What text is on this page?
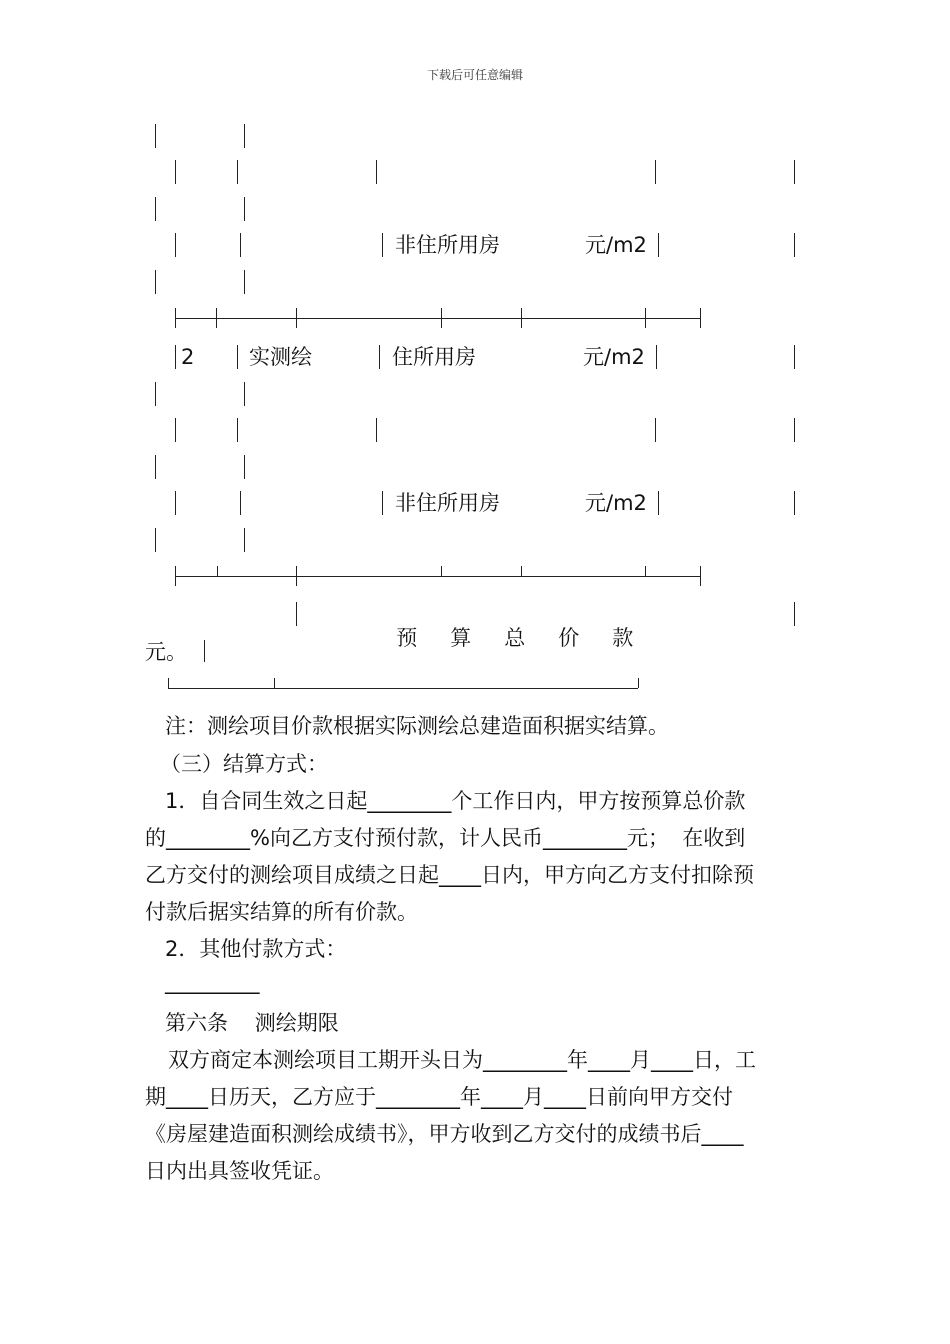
下载后可任意编辑
非住所用房	元/m2
2	实测绘	住所用房	元/m2
非住所用房	元/m2

预 算 总 价 款

元。
注：测绘项目价款根据实际测绘总建造面积据实结算。
（三）结算方式：
1．自合同生效之日起________个工作日内，甲方按预算总价款
的________%向乙方支付预付款，计人民币________元；  在收到
乙方交付的测绘项目成绩之日起____日内，甲方向乙方支付扣除预
付款后据实结算的所有价款。
2．其他付款方式：
_________
第六条    测绘期限
双方商定本测绘项目工期开头日为________年____月____日，工
期____日历天，乙方应于________年____月____日前向甲方交付
《房屋建造面积测绘成绩书》，甲方收到乙方交付的成绩书后____
日内出具签收凭证。
